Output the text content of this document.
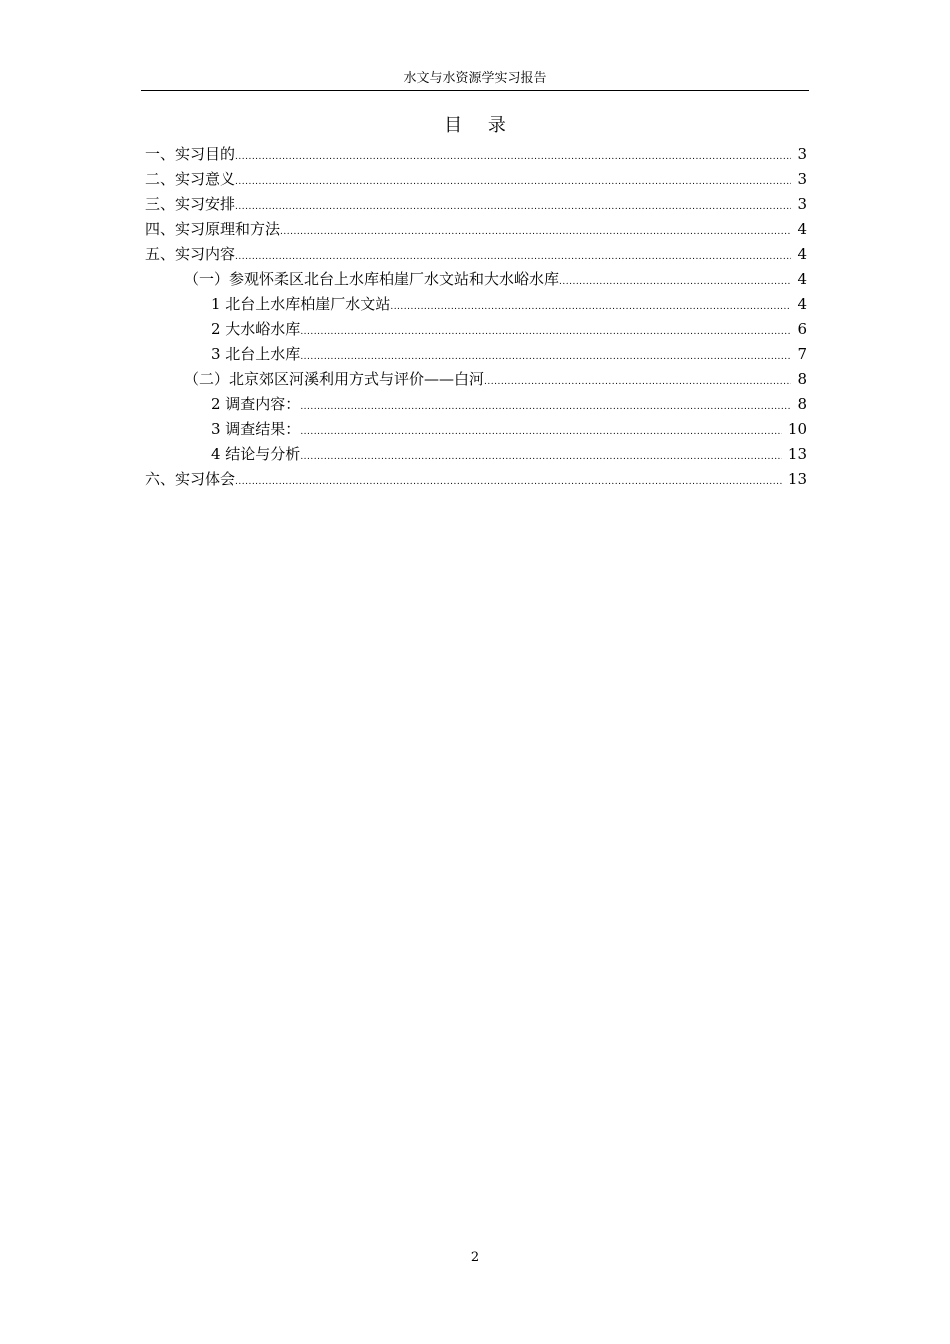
水文与水资源学实习报告
目 录
一、实习目的 .....	3
二、实习意义 .....	3
三、实习安排 .....	3
四、实习原理和方法 .....	4
五、实习内容 .....	4
（一）参观怀柔区北台上水库柏崖厂水文站和大水峪水库 .....	4
1 北台上水库柏崖厂水文站 .....	4
2 大水峪水库 .....	6
3 北台上水库 .....	7
（二）北京郊区河溪利用方式与评价——白河 .....	8
2 调查内容： .....	8
3 调查结果： .....	10
4 结论与分析 .....	13
六、实习体会 .....	13
2
